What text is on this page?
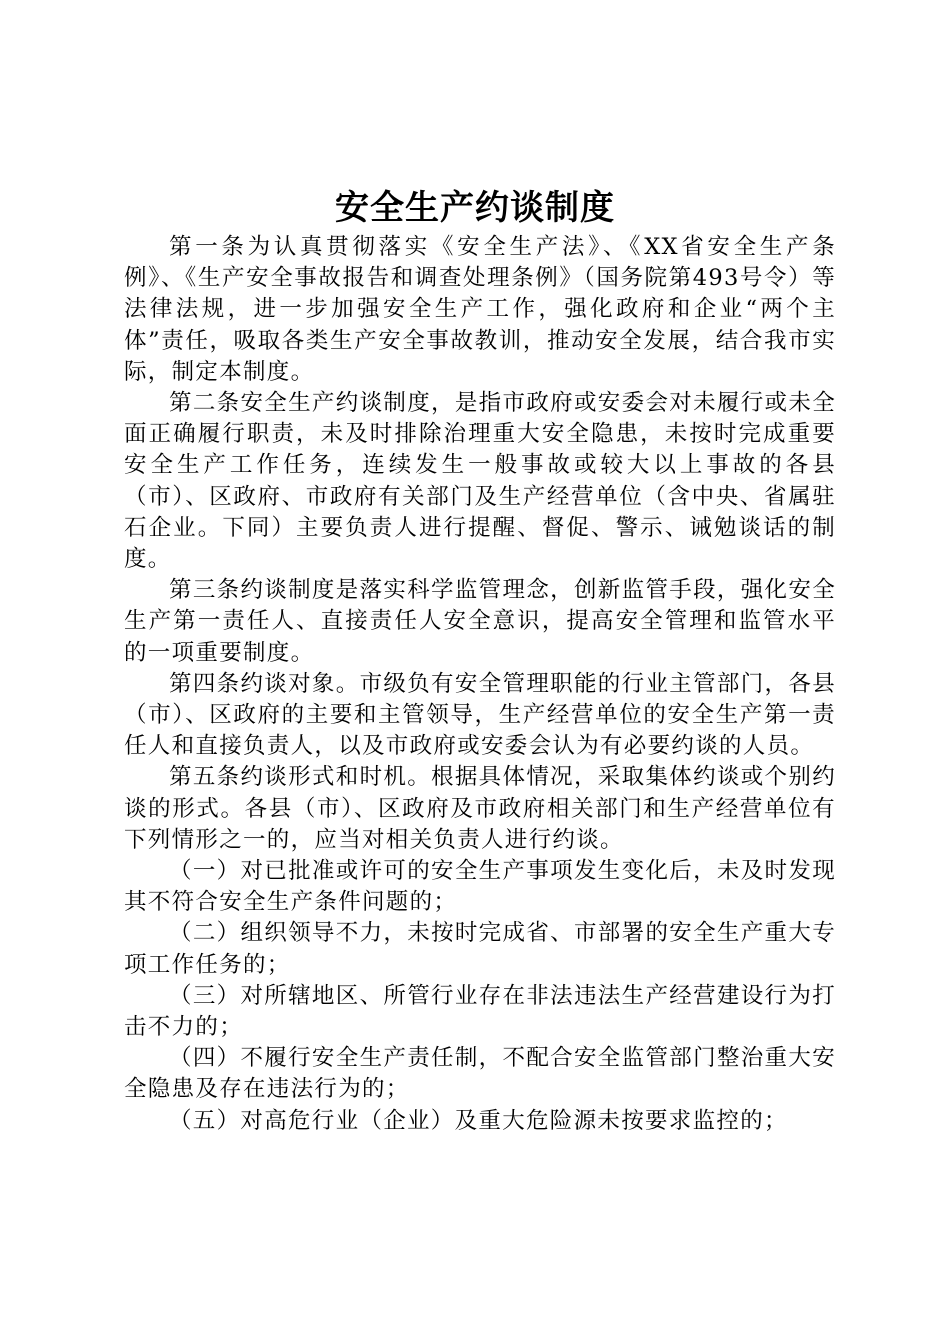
安全生产约谈制度

第一条为认真贯彻落实《安全生产法》、《XX省安全生产条例》、《生产安全事故报告和调查处理条例》（国务院第493号令）等法律法规，进一步加强安全生产工作，强化政府和企业“两个主体”责任，吸取各类生产安全事故教训，推动安全发展，结合我市实际，制定本制度。

第二条安全生产约谈制度，是指市政府或安委会对未履行或未全面正确履行职责，未及时排除治理重大安全隐患，未按时完成重要安全生产工作任务，连续发生一般事故或较大以上事故的各县（市）、区政府、市政府有关部门及生产经营单位（含中央、省属驻石企业。下同）主要负责人进行提醒、督促、警示、诫勉谈话的制度。

第三条约谈制度是落实科学监管理念，创新监管手段，强化安全生产第一责任人、直接责任人安全意识，提高安全管理和监管水平的一项重要制度。

第四条约谈对象。市级负有安全管理职能的行业主管部门，各县（市）、区政府的主要和主管领导，生产经营单位的安全生产第一责任人和直接负责人，以及市政府或安委会认为有必要约谈的人员。

第五条约谈形式和时机。根据具体情况，采取集体约谈或个别约谈的形式。各县（市）、区政府及市政府相关部门和生产经营单位有下列情形之一的，应当对相关负责人进行约谈。

（一）对已批准或许可的安全生产事项发生变化后，未及时发现其不符合安全生产条件问题的；

（二）组织领导不力，未按时完成省、市部署的安全生产重大专项工作任务的；

（三）对所辖地区、所管行业存在非法违法生产经营建设行为打击不力的；

（四）不履行安全生产责任制，不配合安全监管部门整治重大安全隐患及存在违法行为的；

（五）对高危行业（企业）及重大危险源未按要求监控的；
